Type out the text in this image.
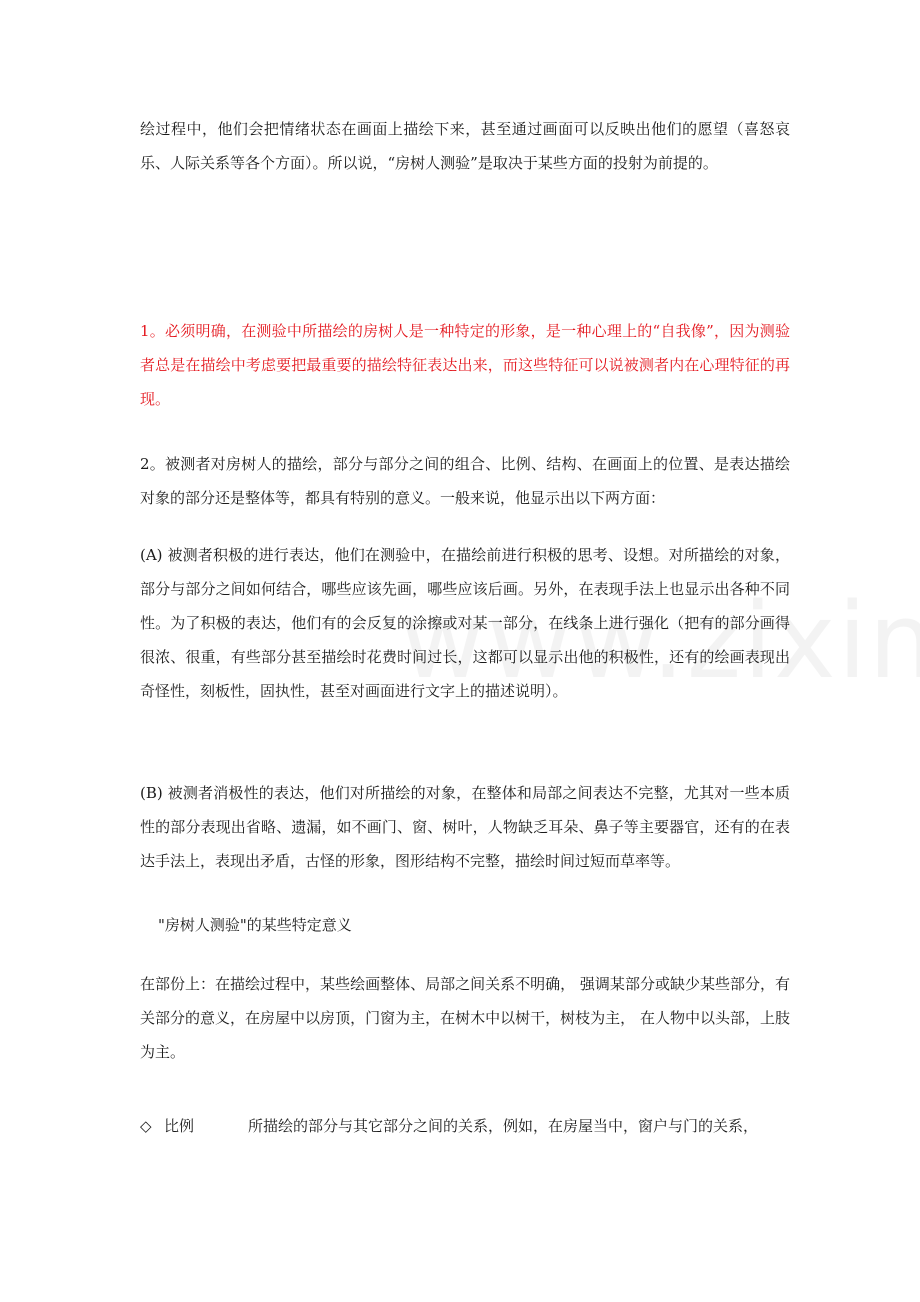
绘过程中，他们会把情绪状态在画面上描绘下来，甚至通过画面可以反映出他们的愿望（喜怒哀乐、人际关系等各个方面）。所以说，“房树人测验”是取决于某些方面的投射为前提的。

1。必须明确，在测验中所描绘的房树人是一种特定的形象，是一种心理上的“自我像”，因为测验者总是在描绘中考虑要把最重要的描绘特征表达出来，而这些特征可以说被测者内在心理特征的再现。

2。被测者对房树人的描绘，部分与部分之间的组合、比例、结构、在画面上的位置、是表达描绘对象的部分还是整体等，都具有特别的意义。一般来说，他显示出以下两方面：

(A) 被测者积极的进行表达，他们在测验中，在描绘前进行积极的思考、设想。对所描绘的对象，部分与部分之间如何结合，哪些应该先画，哪些应该后画。另外，在表现手法上也显示出各种不同性。为了积极的表达，他们有的会反复的涂擦或对某一部分，在线条上进行强化（把有的部分画得很浓、很重，有些部分甚至描绘时花费时间过长，这都可以显示出他的积极性，还有的绘画表现出奇怪性，刻板性，固执性，甚至对画面进行文字上的描述说明）。

(B) 被测者消极性的表达，他们对所描绘的对象，在整体和局部之间表达不完整，尤其对一些本质性的部分表现出省略、遗漏，如不画门、窗、树叶，人物缺乏耳朵、鼻子等主要器官，还有的在表达手法上，表现出矛盾，古怪的形象，图形结构不完整，描绘时间过短而草率等。

"房树人测验"的某些特定意义

在部份上：在描绘过程中，某些绘画整体、局部之间关系不明确， 强调某部分或缺少某些部分，有关部分的意义，在房屋中以房顶，门窗为主，在树木中以树干，树枝为主， 在人物中以头部，上肢为主。

◇ 比例	所描绘的部分与其它部分之间的关系，例如，在房屋当中，窗户与门的关系，
